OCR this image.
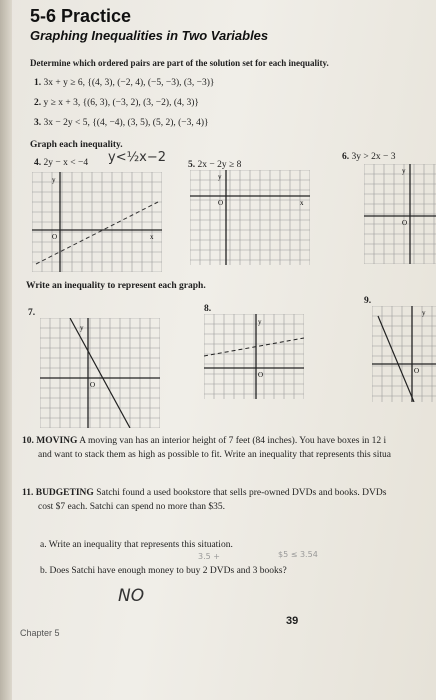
5-6 Practice
Graphing Inequalities in Two Variables
Determine which ordered pairs are part of the solution set for each inequality.
1. 3x + y ≥ 6, {(4, 3), (−2, 4), (−5, −3), (3, −3)}
2. y ≥ x + 3, {(6, 3), (−3, 2), (3, −2), (4, 3)}
3. 3x − 2y < 5, {(4, −4), (3, 5), (5, 2), (−3, 4)}
Graph each inequality.
4. 2y − x < −4 y<½x−2 5. 2x − 2y ≥ 8
6. 3y > 2x − 3
y
O	x
y
O	x
y
O
Write an inequality to represent each graph.
7.	8.
9.
y
O
y
O
y
O
10. MOVING A moving van has an interior height of 7 feet (84 inches). You have boxes in 12 i
and want to stack them as high as possible to fit. Write an inequality that represents this situa
11. BUDGETING Satchi found a used bookstore that sells pre-owned DVDs and books. DVDs
cost $7 each. Satchi can spend no more than $35.
a. Write an inequality that represents this situation.
3.5 +	$5 ≤ 3.54
b. Does Satchi have enough money to buy 2 DVDs and 3 books?
NO
39
Chapter 5
